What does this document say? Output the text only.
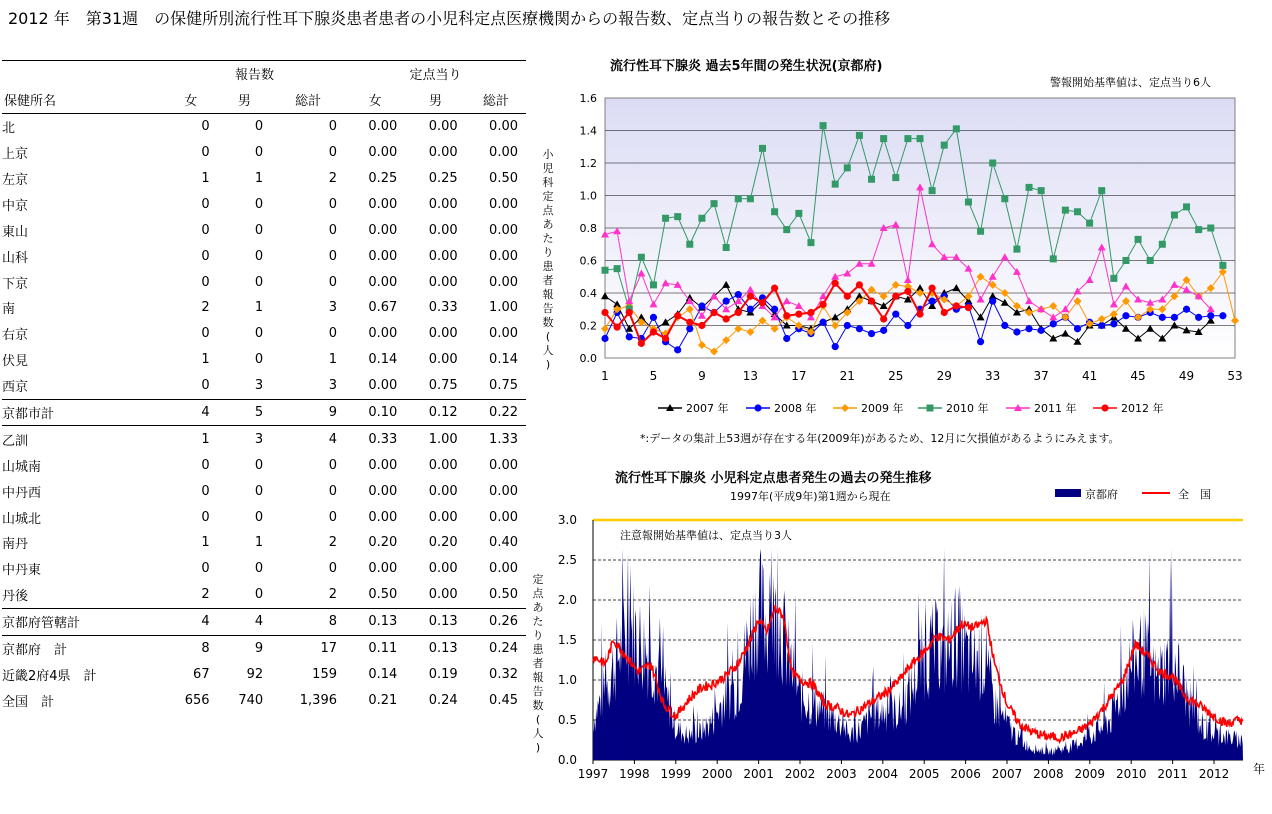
2012 年　第31週　の保健所別流行性耳下腺炎患者患者の小児科定点医療機関からの報告数、定点当りの報告数とその推移
	報告数			定点当り		
保健所名	女	男	総計	女	男	総計
北	0	0	0	0.00	0.00	0.00
上京	0	0	0	0.00	0.00	0.00
左京	1	1	2	0.25	0.25	0.50
中京	0	0	0	0.00	0.00	0.00
東山	0	0	0	0.00	0.00	0.00
山科	0	0	0	0.00	0.00	0.00
下京	0	0	0	0.00	0.00	0.00
南	2	1	3	0.67	0.33	1.00
右京	0	0	0	0.00	0.00	0.00
伏見	1	0	1	0.14	0.00	0.14
西京	0	3	3	0.00	0.75	0.75
京都市計	4	5	9	0.10	0.12	0.22
乙訓	1	3	4	0.33	1.00	1.33
山城南	0	0	0	0.00	0.00	0.00
中丹西	0	0	0	0.00	0.00	0.00
山城北	0	0	0	0.00	0.00	0.00
南丹	1	1	2	0.20	0.20	0.40
中丹東	0	0	0	0.00	0.00	0.00
丹後	2	0	2	0.50	0.00	0.50
京都府管轄計	4	4	8	0.13	0.13	0.26
京都府　計	8	9	17	0.11	0.13	0.24
近畿2府4県　計	67	92	159	0.14	0.19	0.32
全国　計	656	740	1,396	0.21	0.24	0.45
流行性耳下腺炎 過去5年間の発生状況(京都府)
警報開始基準値は、定点当り6人
0.0
0.2
0.4
0.6
0.8
1.0
1.2
1.4
1.6
1	5	9	13	17	21	25	29	33	37	41	45	49	53
小
児
科
定
点
あ
た
り
患
者
報
告
数
(
人
)
2007 年	2008 年	2009 年	2010 年	2011 年	2012 年
*:データの集計上53週が存在する年(2009年)があるため、12月に欠損値があるようにみえます。
流行性耳下腺炎 小児科定点患者発生の過去の発生推移
1997年(平成9年)第1週から現在	京都府	全　国
0.0
0.5
1.0
1.5
2.0
2.5
3.0
注意報開始基準値は、定点当り3人
1997 1998 1999 2000 2001 2002 2003 2004 2005 2006 2007 2008 2009 2010 2011 2012 年
定
点
あ
た
り
患
者
報
告
数
(
人
)
